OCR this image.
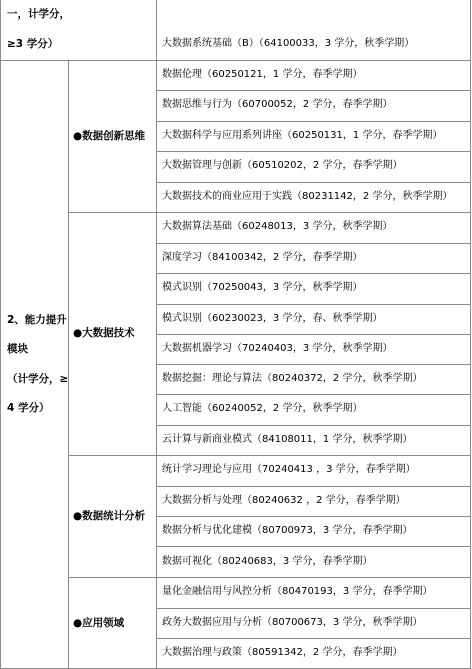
一，计学分，
≥3 学分）	大数据系统基础（B）（64100033，3 学分，秋季学期）
2、能力提升
模块
（计学分，≥
4 学分）
●数据创新思维
●大数据技术
●数据统计分析
●应用领域
数据伦理（60250121，1 学分，春季学期）
数据思维与行为（60700052，2 学分，春季学期）
大数据科学与应用系列讲座（60250131，1 学分，春季学期）
大数据管理与创新（60510202，2 学分，春季学期）
大数据技术的商业应用于实践（80231142，2 学分，秋季学期）
大数据算法基础（60248013，3 学分，秋季学期）
深度学习（84100342，2 学分，春季学期）
模式识别（70250043，3 学分，秋季学期）
模式识别（60230023，3 学分，春、秋季学期）
大数据机器学习（70240403，3 学分，秋季学期）
数据挖掘：理论与算法（80240372，2 学分，秋季学期）
人工智能（60240052，2 学分，秋季学期）
云计算与新商业模式（84108011，1 学分，秋季学期）
统计学习理论与应用（70240413 ，3 学分，春季学期）
大数据分析与处理（80240632 ，2 学分，春季学期）
数据分析与优化建模（80700973，3 学分，春季学期）
数据可视化（80240683，3 学分，春季学期）
量化金融信用与风控分析（80470193，3 学分，春季学期）
政务大数据应用与分析（80700673，3 学分，秋季学期）
大数据治理与政策（80591342，2 学分，春季学期）
